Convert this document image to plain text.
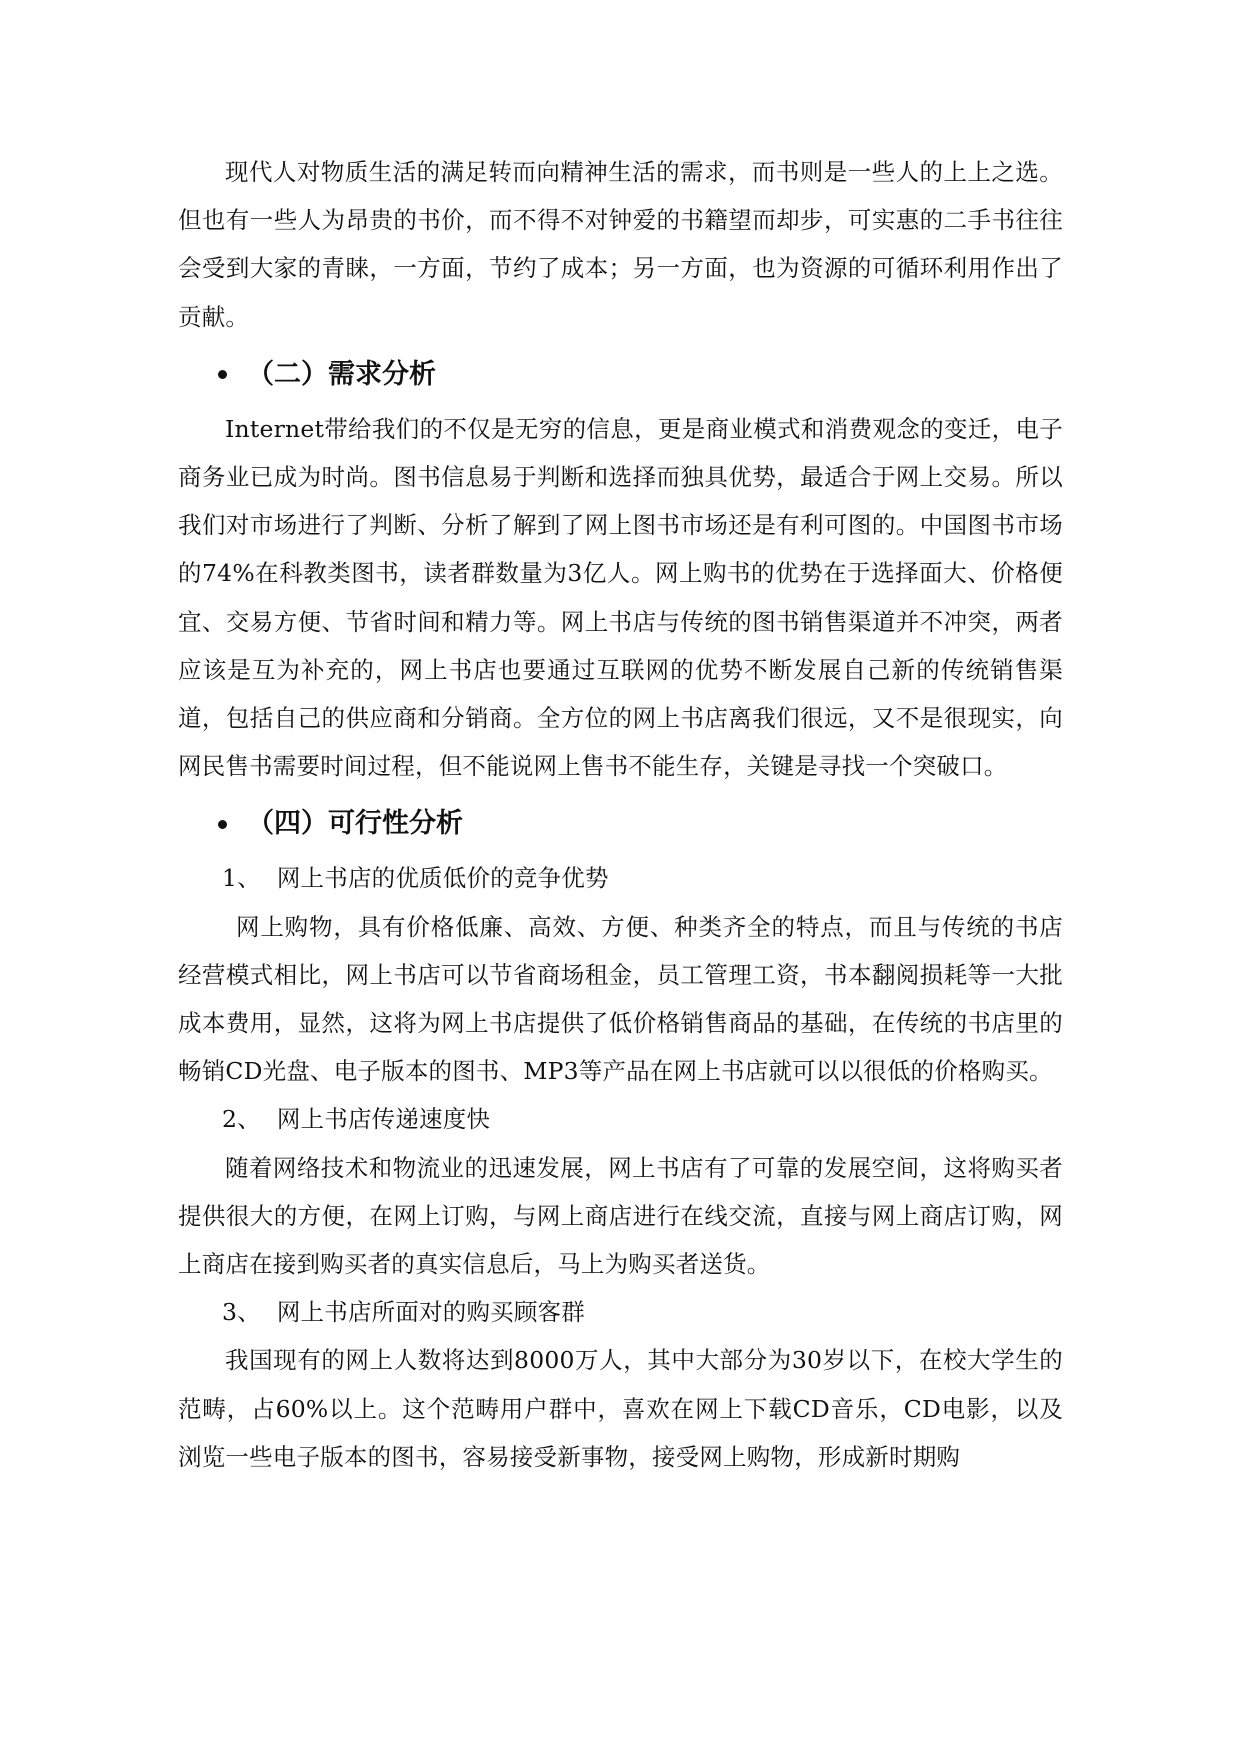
现代人对物质生活的满足转而向精神生活的需求，而书则是一些人的上上之选。 但也有一些人为昂贵的书价，而不得不对钟爱的书籍望而却步，可实惠的二手书往往会受到大家的青睐，一方面，节约了成本；另一方面，也为资源的可循环利用作出了贡献。

（二）需求分析

Internet带给我们的不仅是无穷的信息，更是商业模式和消费观念的变迁，电子商务业已成为时尚。图书信息易于判断和选择而独具优势，最适合于网上交易。所以我们对市场进行了判断、分析了解到了网上图书市场还是有利可图的。中国图书市场的74%在科教类图书，读者群数量为3亿人。网上购书的优势在于选择面大、价格便宜、交易方便、节省时间和精力等。网上书店与传统的图书销售渠道并不冲突，两者应该是互为补充的，网上书店也要通过互联网的优势不断发展自己新的传统销售渠道，包括自己的供应商和分销商。全方位的网上书店离我们很远，又不是很现实，向网民售书需要时间过程，但不能说网上售书不能生存，关键是寻找一个突破口。

（四）可行性分析

1、 网上书店的优质低价的竞争优势

网上购物，具有价格低廉、高效、方便、种类齐全的特点，而且与传统的书店经营模式相比，网上书店可以节省商场租金，员工管理工资，书本翻阅损耗等一大批成本费用，显然，这将为网上书店提供了低价格销售商品的基础，在传统的书店里的畅销CD光盘、电子版本的图书、MP3等产品在网上书店就可以以很低的价格购买。

2、 网上书店传递速度快

随着网络技术和物流业的迅速发展，网上书店有了可靠的发展空间，这将购买者提供很大的方便，在网上订购，与网上商店进行在线交流，直接与网上商店订购，网上商店在接到购买者的真实信息后，马上为购买者送货。

3、 网上书店所面对的购买顾客群

我国现有的网上人数将达到8000万人，其中大部分为30岁以下，在校大学生的范畴，占60%以上。这个范畴用户群中，喜欢在网上下载CD音乐，CD电影，以及浏览一些电子版本的图书，容易接受新事物，接受网上购物，形成新时期购
